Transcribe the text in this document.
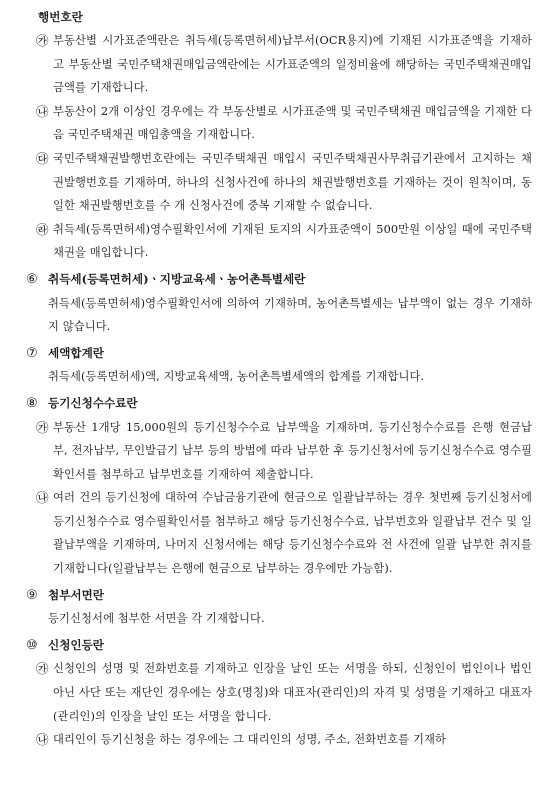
행번호란
㉮ 부동산별 시가표준액란은 취득세(등록면허세)납부서(OCR용지)에 기재된 시가표준액을 기재하고 부동산별 국민주택채권매입금액란에는 시가표준액의 일정비율에 해당하는 국민주택채권매입금액를 기재합니다.
㉯ 부동산이 2개 이상인 경우에는 각 부동산별로 시가표준액 및 국민주택채권 매입금액을 기재한 다음 국민주택채권 매입총액을 기재합니다.
㉰ 국민주택채권발행번호란에는 국민주택채권 매입시 국민주택채권사무취급기관에서 고지하는 채권발행번호를 기재하며, 하나의 신청사건에 하나의 채권발행번호를 기재하는 것이 원칙이며, 동일한 채권발행번호를 수 개 신청사건에 중복 기재할 수 없습니다.
㉱ 취득세(등록면허세)영수필확인서에 기재된 토지의 시가표준액이 500만원 이상일 때에 국민주택채권을 매입합니다.
⑥ 취득세(등록면허세)ㆍ지방교육세ㆍ농어촌특별세란
취득세(등록면허세)영수필확인서에 의하여 기재하며, 농어촌특별세는 납부액이 없는 경우 기재하지 않습니다.
⑦ 세액합계란
취득세(등록면허세)액, 지방교육세액, 농어촌특별세액의 합계를 기재합니다.
⑧ 등기신청수수료란
㉮ 부동산 1개당 15,000원의 등기신청수수료 납부액을 기재하며, 등기신청수수료를 은행 현금납부, 전자납부, 무인발급기 납부 등의 방법에 따라 납부한 후 등기신청서에 등기신청수수료 영수필확인서를 첨부하고 납부번호를 기재하여 제출합니다.
㉯ 여러 건의 등기신청에 대하여 수납금융기관에 현금으로 일괄납부하는 경우 첫번째 등기신청서에 등기신청수수료 영수필확인서를 첨부하고 해당 등기신청수수료, 납부번호와 일괄납부 건수 및 일괄납부액을 기재하며, 나머지 신청서에는 해당 등기신청수수료와 전 사건에 일괄 납부한 취지를 기재합니다(일괄납부는 은행에 현금으로 납부하는 경우에만 가능함).
⑨ 첨부서면란
등기신청서에 첨부한 서면을 각 기재합니다.
⑩ 신청인등란
㉮ 신청인의 성명 및 전화번호를 기재하고 인장을 날인 또는 서명을 하되, 신청인이 법인이나 법인 아닌 사단 또는 재단인 경우에는 상호(명칭)와 대표자(관리인)의 자격 및 성명을 기재하고 대표자(관리인)의 인장을 날인 또는 서명을 합니다.
㉯ 대리인이 등기신청을 하는 경우에는 그 대리인의 성명, 주소, 전화번호를 기재하
